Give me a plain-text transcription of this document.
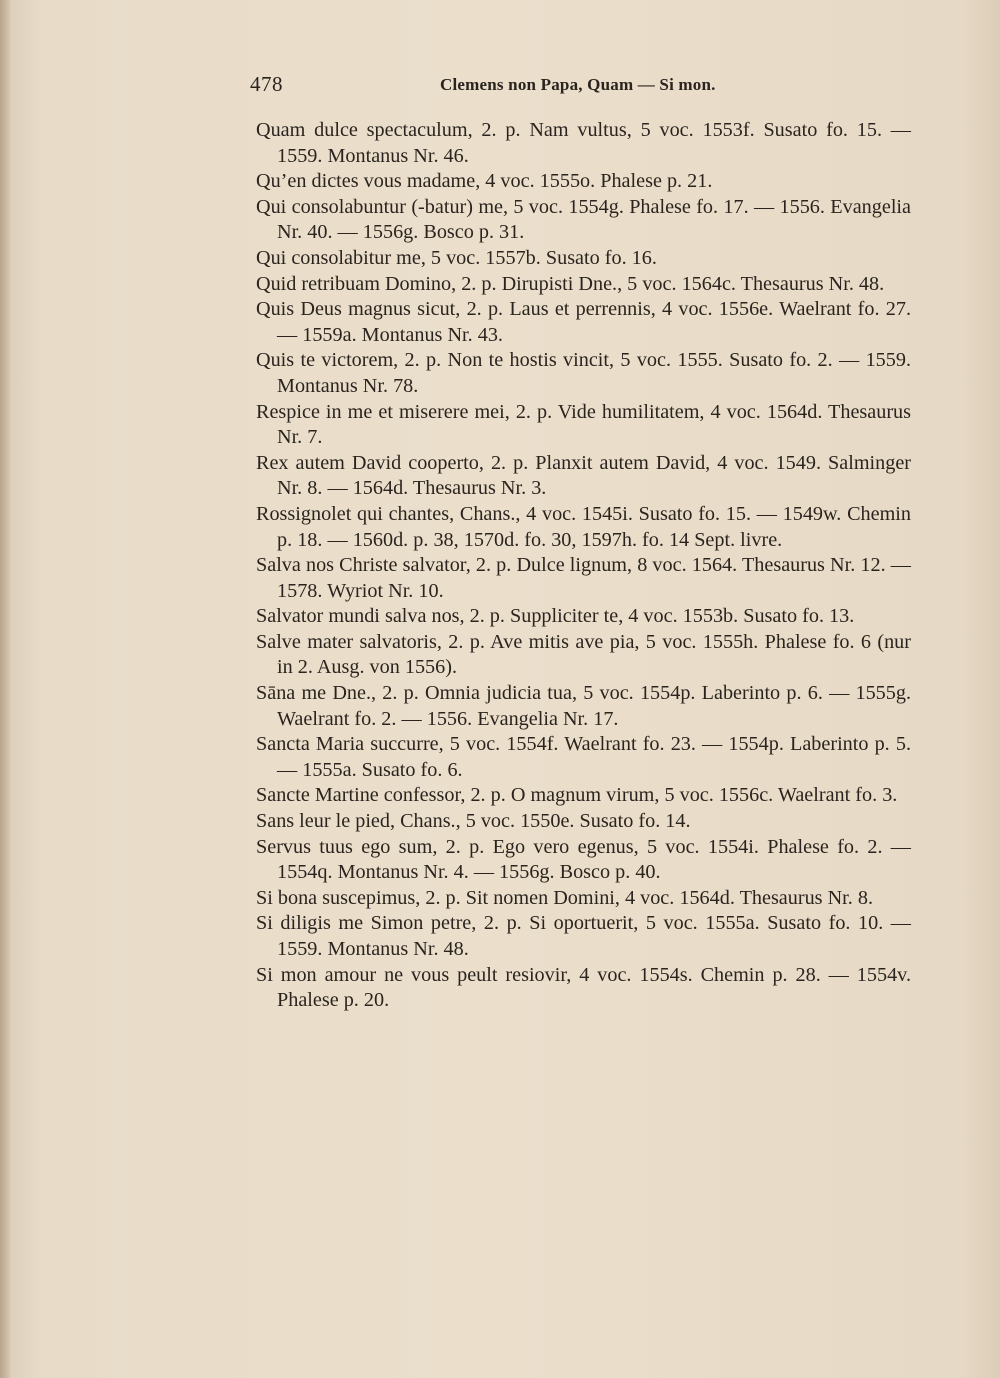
478	Clemens non Papa, Quam — Si mon.

Quam dulce spectaculum, 2. p. Nam vultus, 5 voc. 1553f. Susato fo. 15. — 1559. Montanus Nr. 46.

Qu’en dictes vous madame, 4 voc. 1555o. Phalese p. 21.

Qui consolabuntur (-batur) me, 5 voc. 1554g. Phalese fo. 17. — 1556. Evangelia Nr. 40. — 1556g. Bosco p. 31.

Qui consolabitur me, 5 voc. 1557b. Susato fo. 16.

Quid retribuam Domino, 2. p. Dirupisti Dne., 5 voc. 1564c. Thesaurus Nr. 48.

Quis Deus magnus sicut, 2. p. Laus et perrennis, 4 voc. 1556e. Waelrant fo. 27. — 1559a. Montanus Nr. 43.

Quis te victorem, 2. p. Non te hostis vincit, 5 voc. 1555. Susato fo. 2. — 1559. Montanus Nr. 78.

Respice in me et miserere mei, 2. p. Vide humilitatem, 4 voc. 1564d. Thesaurus Nr. 7.

Rex autem David cooperto, 2. p. Planxit autem David, 4 voc. 1549. Salminger Nr. 8. — 1564d. Thesaurus Nr. 3.

Rossignolet qui chantes, Chans., 4 voc. 1545i. Susato fo. 15. — 1549w. Chemin p. 18. — 1560d. p. 38, 1570d. fo. 30, 1597h. fo. 14 Sept. livre.

Salva nos Christe salvator, 2. p. Dulce lignum, 8 voc. 1564. Thesaurus Nr. 12. — 1578. Wyriot Nr. 10.

Salvator mundi salva nos, 2. p. Suppliciter te, 4 voc. 1553b. Susato fo. 13.

Salve mater salvatoris, 2. p. Ave mitis ave pia, 5 voc. 1555h. Phalese fo. 6 (nur in 2. Ausg. von 1556).

Sāna me Dne., 2. p. Omnia judicia tua, 5 voc. 1554p. Laberinto p. 6. — 1555g. Waelrant fo. 2. — 1556. Evangelia Nr. 17.

Sancta Maria succurre, 5 voc. 1554f. Waelrant fo. 23. — 1554p. Laberinto p. 5. — 1555a. Susato fo. 6.

Sancte Martine confessor, 2. p. O magnum virum, 5 voc. 1556c. Waelrant fo. 3.

Sans leur le pied, Chans., 5 voc. 1550e. Susato fo. 14.

Servus tuus ego sum, 2. p. Ego vero egenus, 5 voc. 1554i. Phalese fo. 2. — 1554q. Montanus Nr. 4. — 1556g. Bosco p. 40.

Si bona suscepimus, 2. p. Sit nomen Domini, 4 voc. 1564d. Thesaurus Nr. 8.

Si diligis me Simon petre, 2. p. Si oportuerit, 5 voc. 1555a. Susato fo. 10. — 1559. Montanus Nr. 48.

Si mon amour ne vous peult resiovir, 4 voc. 1554s. Chemin p. 28. — 1554v. Phalese p. 20.
